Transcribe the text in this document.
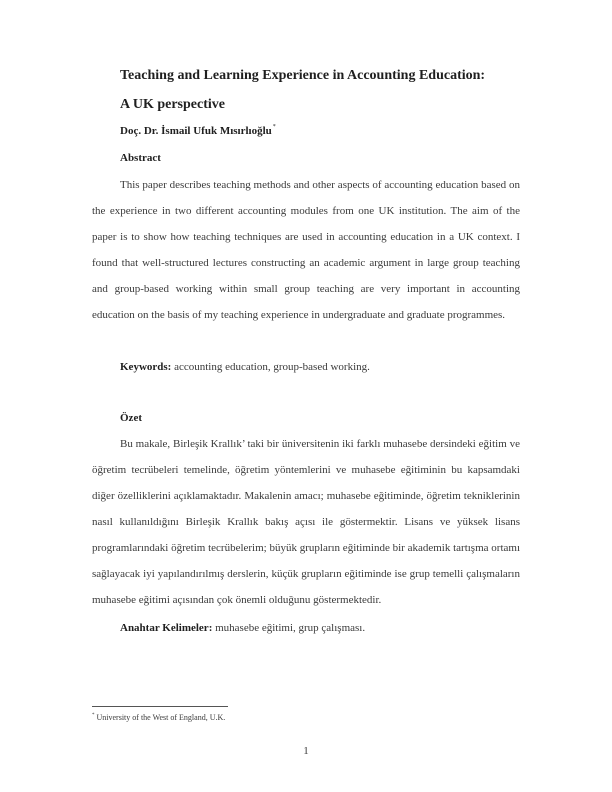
Teaching and Learning Experience in Accounting Education:
A UK perspective
Doç. Dr. İsmail Ufuk Mısırlıoğlu*
Abstract

This paper describes teaching methods and other aspects of accounting education based on the experience in two different accounting modules from one UK institution. The aim of the paper is to show how teaching techniques are used in accounting education in a UK context. I found that well-structured lectures constructing an academic argument in large group teaching and group-based working within small group teaching are very important in accounting education on the basis of my teaching experience in undergraduate and graduate programmes.

Keywords: accounting education, group-based working.
Özet

Bu makale, Birleşik Krallık’ taki bir üniversitenin iki farklı muhasebe dersindeki eğitim ve öğretim tecrübeleri temelinde, öğretim yöntemlerini ve muhasebe eğitiminin bu kapsamdaki diğer özelliklerini açıklamaktadır. Makalenin amacı; muhasebe eğitiminde, öğretim tekniklerinin nasıl kullanıldığını Birleşik Krallık bakış açısı ile göstermektir. Lisans ve yüksek lisans programlarındaki öğretim tecrübelerim; büyük grupların eğitiminde bir akademik tartışma ortamı sağlayacak iyi yapılandırılmış derslerin, küçük grupların eğitiminde ise grup temelli çalışmaların muhasebe eğitimi açısından çok önemli olduğunu göstermektedir.

Anahtar Kelimeler: muhasebe eğitimi, grup çalışması.
* University of the West of England, U.K.
1
